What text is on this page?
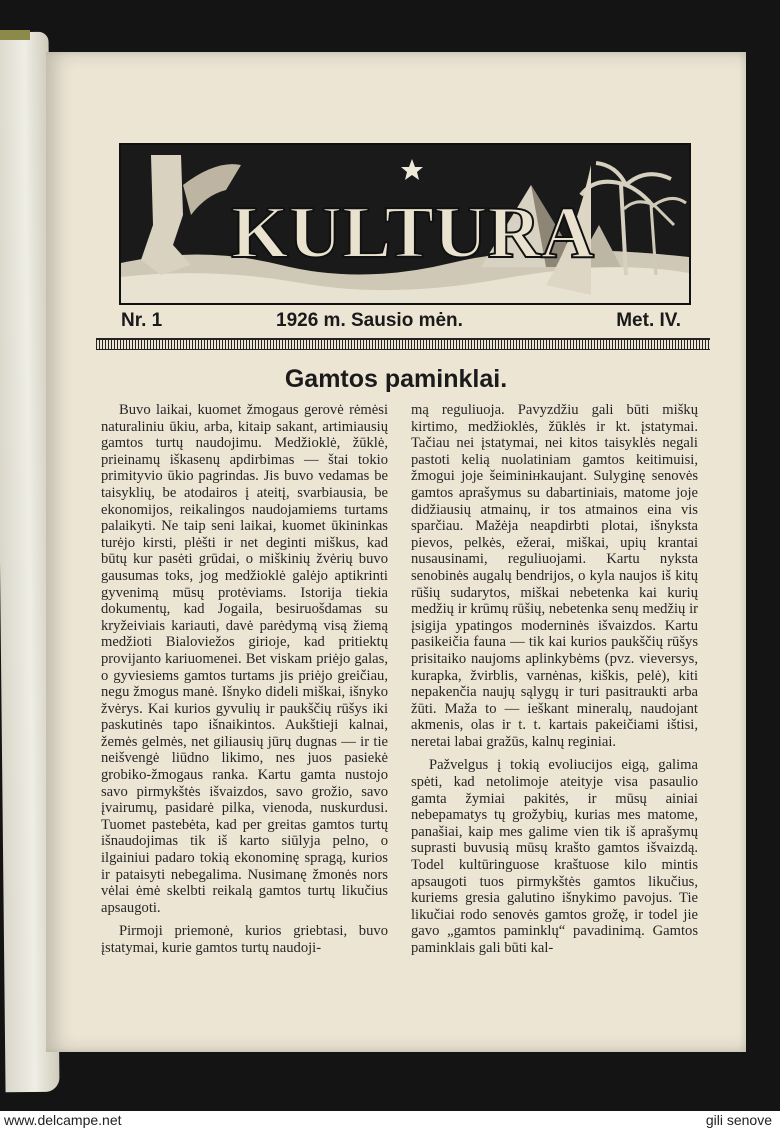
KULTURA
Nr. 1	1926 m. Sausio mėn.	Met. IV.
Gamtos paminklai.

Buvo laikai, kuomet žmogaus gerovė rėmėsi naturaliniu ūkiu, arba, kitaip sakant, artimiausių gamtos turtų naudojimu. Medžioklė, žūklė, prieinamų iškasenų apdirbimas — štai tokio primityvio ūkio pagrindas. Jis buvo vedamas be taisyklių, be atodairos į ateitį, svarbiausia, be ekonomijos, reikalingos naudojamiems turtams palaikyti. Ne taip seni laikai, kuomet ūkininkas turėjo kirsti, plėšti ir net deginti miškus, kad būtų kur pasėti grūdai, o miškinių žvėrių buvo gausumas toks, jog medžioklė galėjo aptikrinti gyvenimą mūsų protėviams. Istorija tiekia dokumentų, kad Jogaila, besiruošdamas su kryžeiviais kariauti, davė parėdymą visą žiemą medžioti Bialoviežos girioje, kad pritiektų provijanto kariuomenei. Bet viskam priėjo galas, o gyviesiems gamtos turtams jis priėjo greičiau, negu žmogus manė. Išnyko dideli miškai, išnyko žvėrys. Kai kurios gyvulių ir paukščių rūšys iki paskutinės tapo išnaikintos. Aukštieji kalnai, žemės gelmės, net giliausių jūrų dugnas — ir tie neišvengė liūdno likimo, nes juos pasiekė grobiko-žmogaus ranka. Kartu gamta nustojo savo pirmykštės išvaizdos, savo grožio, savo įvairumų, pasidarė pilka, vienoda, nuskurdusi. Tuomet pastebėta, kad per greitas gamtos turtų išnaudojimas tik iš karto siūlyja pelno, o ilgainiui padaro tokią ekonominę spragą, kurios ir pataisyti nebegalima. Nusimanę žmonės nors vėlai ėmė skelbti reikalą gamtos turtų likučius apsaugoti.

Pirmoji priemonė, kurios griebtasi, buvo įstatymai, kurie gamtos turtų naudoji-

mą reguliuoja. Pavyzdžiu gali būti miškų kirtimo, medžioklės, žūklės ir kt. įstatymai. Tačiau nei įstatymai, nei kitos taisyklės negali pastoti kelią nuolatiniam gamtos keitimuisi, žmogui joje šeiminінkaujant. Sulyginę senovės gamtos aprašymus su dabartiniais, matome joje didžiausių atmainų, ir tos atmainos eina vis sparčiau. Mažėja neapdirbti plotai, išnyksta pievos, pelkės, ežerai, miškai, upių krantai nusausinami, reguliuojami. Kartu nyksta senobinės augalų bendrijos, o kyla naujos iš kitų rūšių sudarytos, miškai nebetenka kai kurių medžių ir krūmų rūšių, nebetenka senų medžių ir įsigija ypatingos moderninės išvaizdos. Kartu pasikeičia fauna — tik kai kurios paukščių rūšys prisitaiko naujoms aplinkybėms (pvz. vieversys, kurapka, žvirblis, varnėnas, kiškis, pelė), kiti nepakenčia naujų sąlygų ir turi pasitraukti arba žūti. Maža to — ieškant mineralų, naudojant akmenis, olas ir t. t. kartais pakeičiami ištisi, neretai labai gražūs, kalnų reginiai.

Pažvelgus į tokią evoliucijos eigą, galima spėti, kad netolimoje ateityje visa pasaulio gamta žymiai pakitės, ir mūsų ainiai nebepamatys tų grožybių, kurias mes matome, panašiai, kaip mes galime vien tik iš aprašymų suprasti buvusią mūsų krašto gamtos išvaizdą. Todel kultūringuose kraštuose kilo mintis apsaugoti tuos pirmykštės gamtos likučius, kuriems gresia galutino išnykimo pavojus. Tie likučiai rodo senovės gamtos grožę, ir todel jie gavo „gamtos paminklų“ pavadinimą. Gamtos paminklais gali būti kal-

www.delcampe.net	gili senove
